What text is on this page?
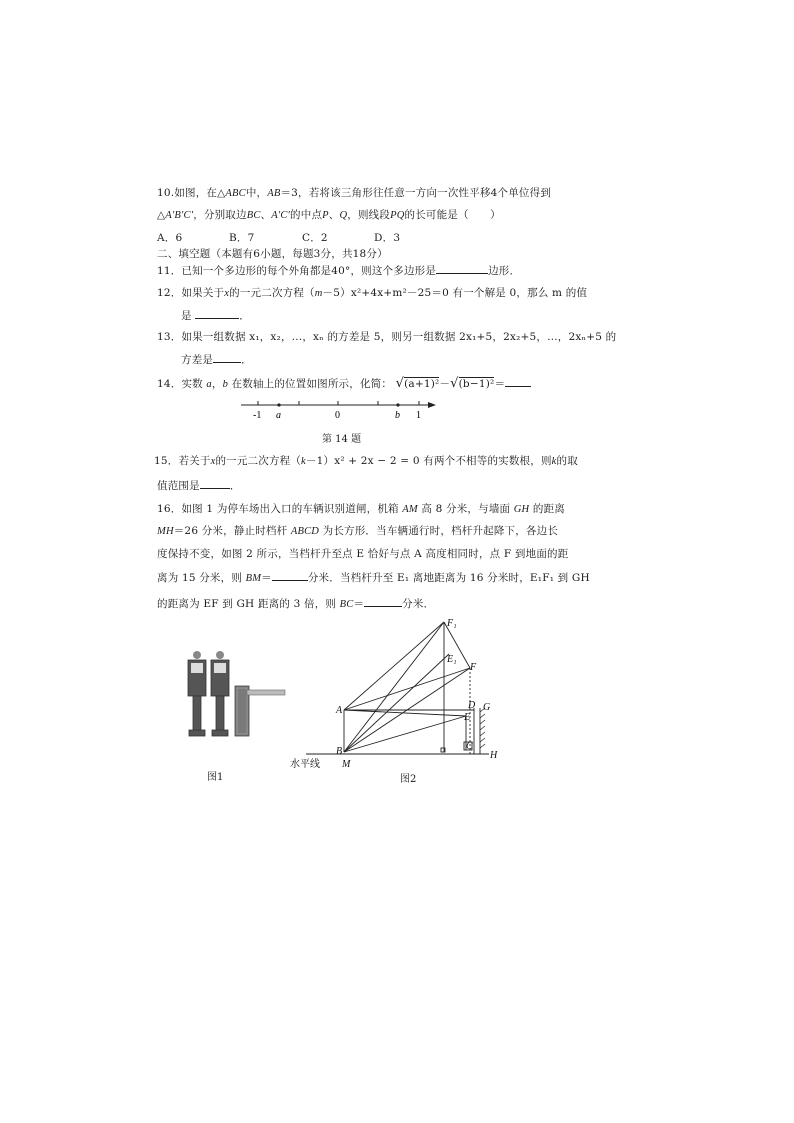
10.如图，在△ABC中，AB＝3，若将该三角形往任意一方向一次性平移4个单位得到
△A′B′C′，分别取边BC、A′C′的中点P、Q，则线段PQ的长可能是（　　）
A．6	B．7	C．2	D．3
二、填空题（本题有6小题，每题3分，共18分）
11．已知一个多边形的每个外角都是40°，则这个多边形是	边形．
12．如果关于x的一元二次方程（m－5）x²+4x+m²－25＝0 有一个解是 0，那么 m 的值
是	．
13．如果一组数据 x₁，x₂，…，xₙ 的方差是 5，则另一组数据 2x₁+5，2x₂+5，…，2xₙ+5 的
方差是	．
14．实数 a，b 在数轴上的位置如图所示，化简： √(a+1)²－√(b−1)²＝
-1 a	0	b 1
第 14 题
15．若关于x的一元二次方程（k－1）x² + 2x − 2 = 0 有两个不相等的实数根，则k的取
值范围是	．
16．如图 1 为停车场出入口的车辆识别道闸，机箱 AM 高 8 分米，与墙面 GH 的距离
MH＝26 分米，静止时档杆 ABCD 为长方形．当车辆通行时，档杆升起降下，各边长
度保持不变，如图 2 所示，当档杆升至点 E 恰好与点 A 高度相同时，点 F 到地面的距
离为 15 分米，则 BM＝	分米．当档杆升至 E₁ 离地距离为 16 分米时，E₁F₁ 到 GH
的距离为 EF 到 GH 距离的 3 倍，则 BC＝	分米．
图1
F₁
E₁
F
A	D
E
G
B	C
M
H
水平线
图2
